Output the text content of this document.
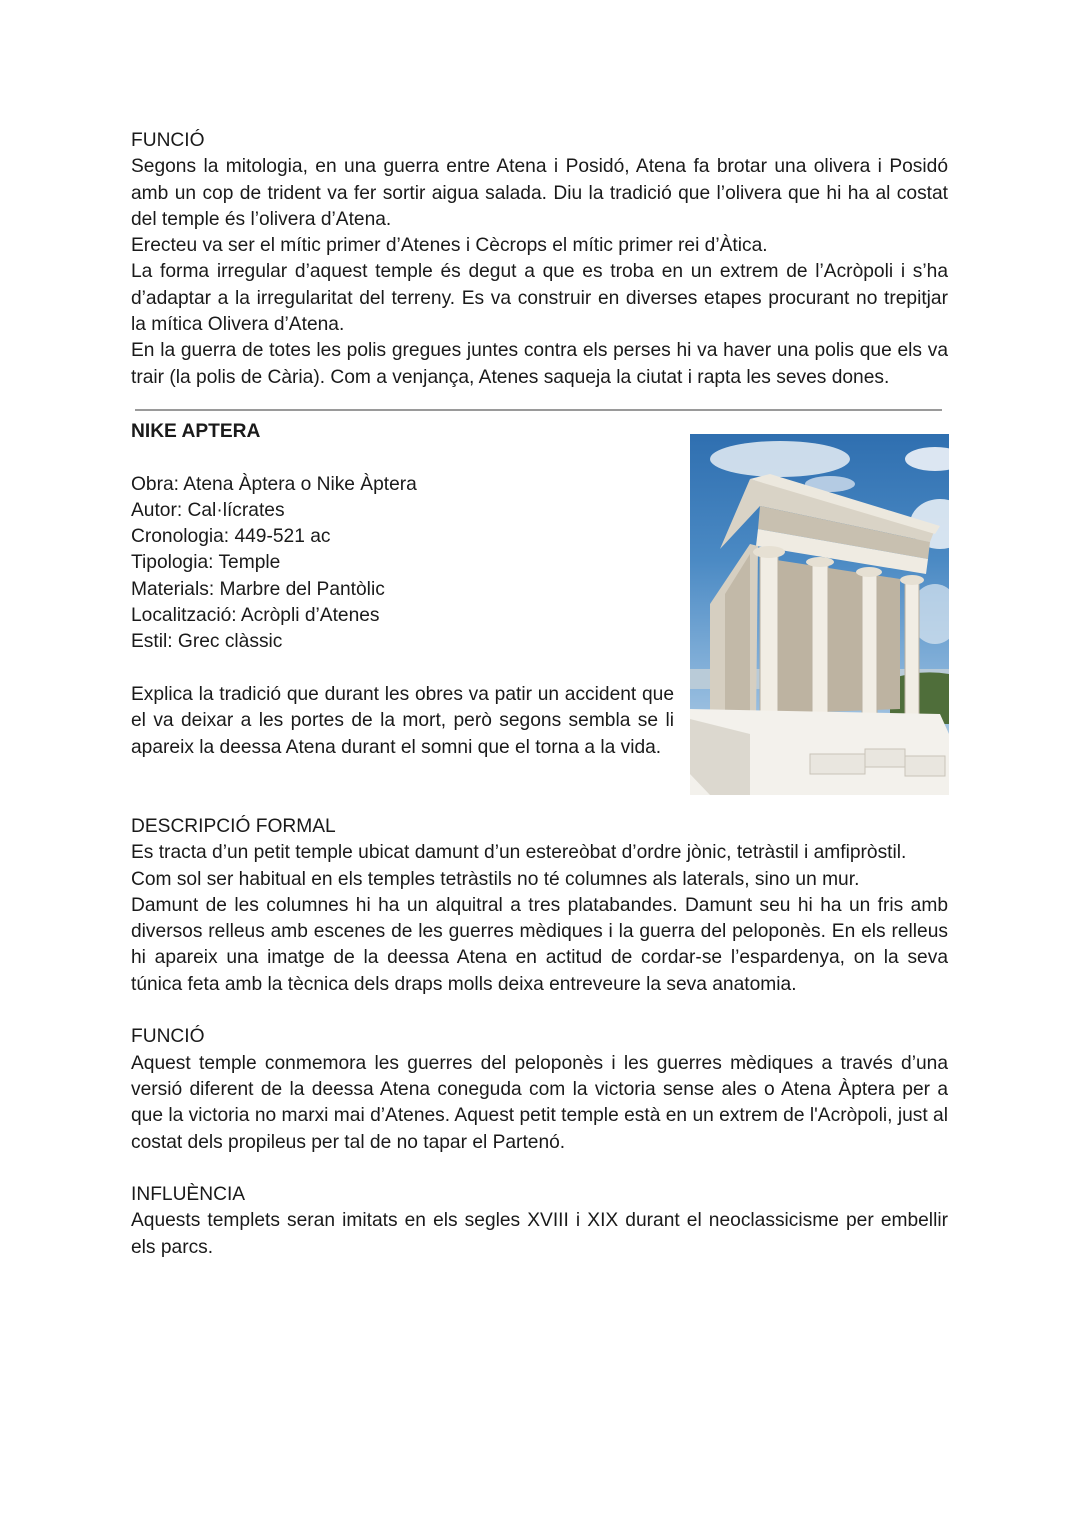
FUNCIÓ

Segons la mitologia, en una guerra entre Atena i Posidó, Atena fa brotar una olivera i Posidó amb un cop de trident va fer sortir aigua salada. Diu la tradició que l’olivera que hi ha al costat del temple és l’olivera d’Atena.

Erecteu va ser el mític primer d’Atenes i Cècrops el mític primer rei d’Àtica.

La forma irregular d’aquest temple és degut a que es troba en un extrem de l’Acròpoli i s’ha d’adaptar a la irregularitat del terreny. Es va construir en diverses etapes procurant no trepitjar la mítica Olivera d’Atena.

En la guerra de totes les polis gregues juntes contra els perses hi va haver una polis que els va trair (la polis de Cària). Com a venjança, Atenes saqueja la ciutat i rapta les seves dones.

NIKE APTERA

Obra: Atena Àptera o Nike Àptera

Autor: Cal·lícrates

Cronologia: 449-521 ac

Tipologia: Temple

Materials: Marbre del Pantòlic

Localització: Acròpli d’Atenes

Estil: Grec clàssic

Explica la tradició que durant les obres va patir un accident que el va deixar a les portes de la mort, però segons sembla se li apareix la deessa Atena durant el somni que el torna a la vida.

DESCRIPCIÓ FORMAL

Es tracta d’un petit temple ubicat damunt d’un estereòbat d’ordre jònic, tetràstil i amfipròstil.

Com sol ser habitual en els temples tetràstils no té columnes als laterals, sino un mur.

Damunt de les columnes hi ha un alquitral a tres platabandes. Damunt seu hi ha un fris amb diversos relleus amb escenes de les guerres mèdiques i la guerra del peloponès. En els relleus hi apareix una imatge de la deessa Atena en actitud de cordar-se l’espardenya, on la seva túnica feta amb la tècnica dels draps molls deixa entreveure la seva anatomia.

FUNCIÓ

Aquest temple conmemora les guerres del peloponès i les guerres mèdiques a través d’una versió diferent de la deessa Atena coneguda com la victoria sense ales o Atena Àptera per a que la victoria no marxi mai d’Atenes. Aquest petit temple està en un extrem de l'Acròpoli, just al costat dels propileus per tal de no tapar el Partenó.

INFLUÈNCIA

Aquests templets seran imitats en els segles XVIII i XIX durant el neoclassicisme per embellir els parcs.
